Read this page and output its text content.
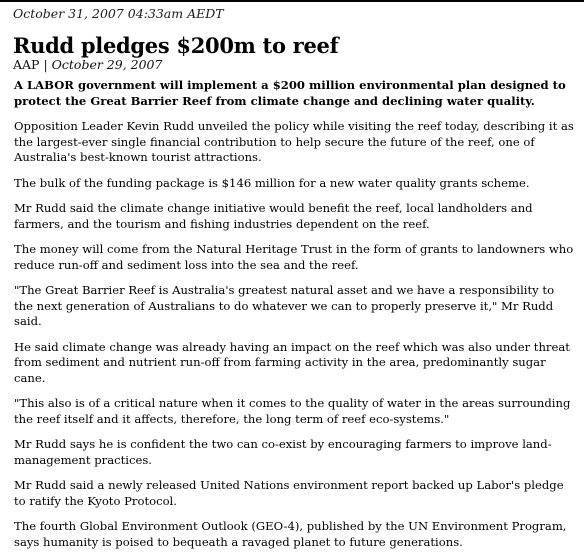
October 31, 2007 04:33am AEDT
Rudd pledges $200m to reef
AAP | October 29, 2007

A LABOR government will implement a $200 million environmental plan designed to protect the Great Barrier Reef from climate change and declining water quality.

Opposition Leader Kevin Rudd unveiled the policy while visiting the reef today, describing it as the largest-ever single financial contribution to help secure the future of the reef, one of Australia's best-known tourist attractions.

The bulk of the funding package is $146 million for a new water quality grants scheme.

Mr Rudd said the climate change initiative would benefit the reef, local landholders and farmers, and the tourism and fishing industries dependent on the reef.

The money will come from the Natural Heritage Trust in the form of grants to landowners who reduce run-off and sediment loss into the sea and the reef.

"The Great Barrier Reef is Australia's greatest natural asset and we have a responsibility to the next generation of Australians to do whatever we can to properly preserve it," Mr Rudd said.

He said climate change was already having an impact on the reef which was also under threat from sediment and nutrient run-off from farming activity in the area, predominantly sugar cane.

"This also is of a critical nature when it comes to the quality of water in the areas surrounding the reef itself and it affects, therefore, the long term of reef eco-systems."

Mr Rudd says he is confident the two can co-exist by encouraging farmers to improve land-management practices.

Mr Rudd said a newly released United Nations environment report backed up Labor's pledge to ratify the Kyoto Protocol.

The fourth Global Environment Outlook (GEO-4), published by the UN Environment Program, says humanity is poised to bequeath a ravaged planet to future generations.
